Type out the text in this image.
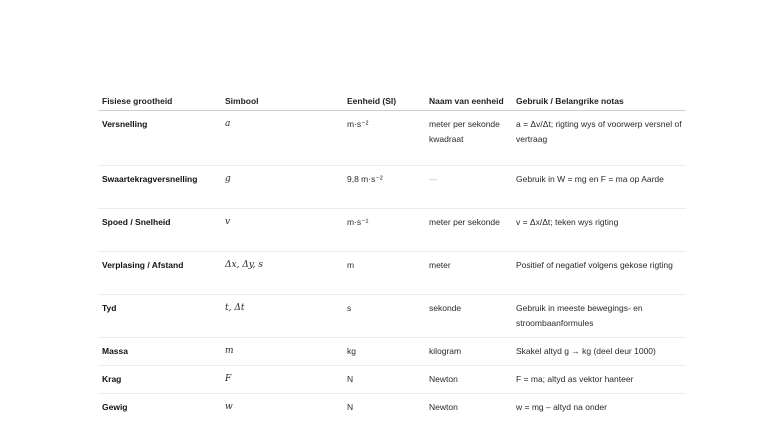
Fisiese grootheid	Simbool	Eenheid (SI)	Naam van eenheid	Gebruik / Belangrike notas
Versnelling	a	m·s⁻²	meter per sekonde kwadraat	a = Δv/Δt; rigting wys of voorwerp versnel of vertraag
Swaartekragversnelling	g	9,8 m·s⁻²	—	Gebruik in W = mg en F = ma op Aarde
Spoed / Snelheid	v	m·s⁻¹	meter per sekonde	v = Δx/Δt; teken wys rigting
Verplasing / Afstand	Δx, Δy, s	m	meter	Positief of negatief volgens gekose rigting
Tyd	t, Δt	s	sekonde	Gebruik in meeste bewegings- en stroombaanformules
Massa	m	kg	kilogram	Skakel altyd g → kg (deel deur 1000)
Krag	F	N	Newton	F = ma; altyd as vektor hanteer
Gewig	w	N	Newton	w = mg – altyd na onder
